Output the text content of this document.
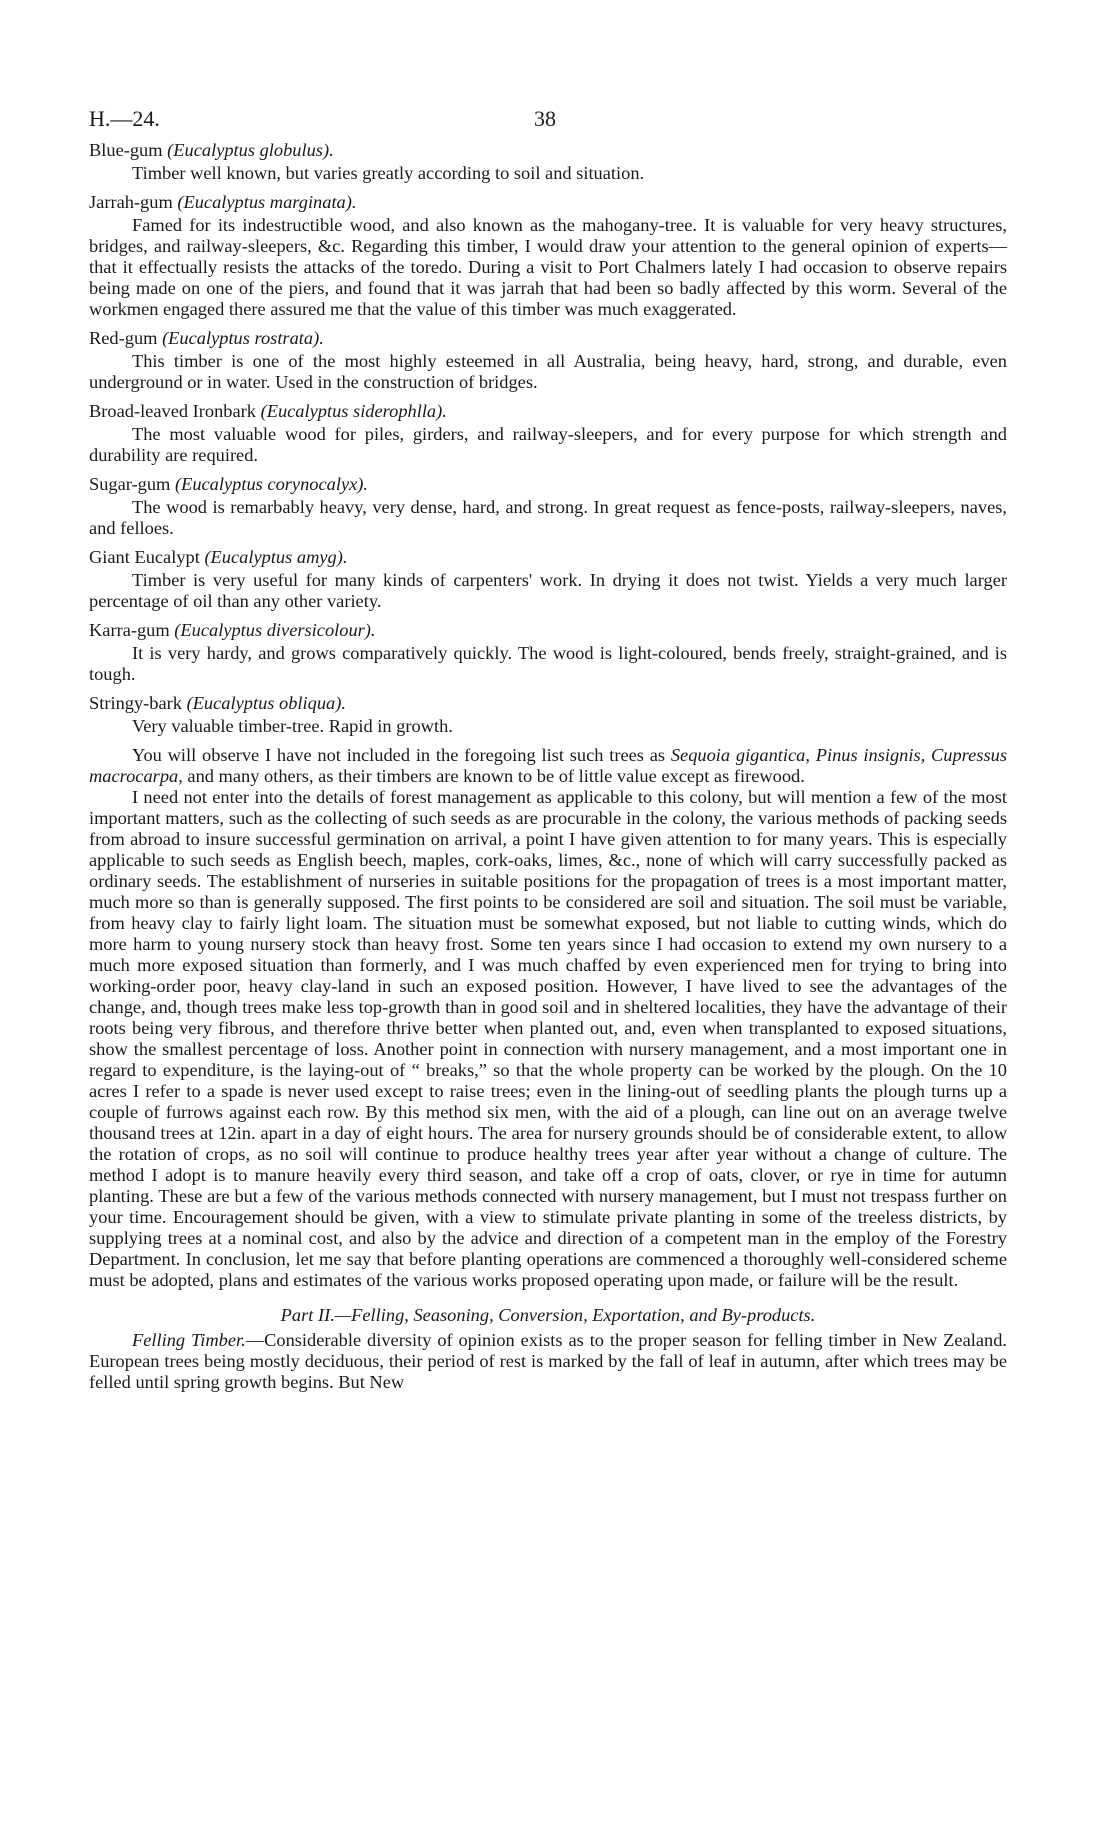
H.—24.	38
Blue-gum (Eucalyptus globulus).
Timber well known, but varies greatly according to soil and situation.
Jarrah-gum (Eucalyptus marginata).
Famed for its indestructible wood, and also known as the mahogany-tree. It is valuable for very heavy structures, bridges, and railway-sleepers, &c. Regarding this timber, I would draw your attention to the general opinion of experts—that it effectually resists the attacks of the toredo. During a visit to Port Chalmers lately I had occasion to observe repairs being made on one of the piers, and found that it was jarrah that had been so badly affected by this worm. Several of the workmen engaged there assured me that the value of this timber was much exaggerated.
Red-gum (Eucalyptus rostrata).
This timber is one of the most highly esteemed in all Australia, being heavy, hard, strong, and durable, even underground or in water. Used in the construction of bridges.
Broad-leaved Ironbark (Eucalyptus siderophlla).
The most valuable wood for piles, girders, and railway-sleepers, and for every purpose for which strength and durability are required.
Sugar-gum (Eucalyptus corynocalyx).
The wood is remarbably heavy, very dense, hard, and strong. In great request as fence-posts, railway-sleepers, naves, and felloes.
Giant Eucalypt (Eucalyptus amyg).
Timber is very useful for many kinds of carpenters' work. In drying it does not twist. Yields a very much larger percentage of oil than any other variety.
Karra-gum (Eucalyptus diversicolour).
It is very hardy, and grows comparatively quickly. The wood is light-coloured, bends freely, straight-grained, and is tough.
Stringy-bark (Eucalyptus obliqua).
Very valuable timber-tree. Rapid in growth.

You will observe I have not included in the foregoing list such trees as Sequoia gigantica, Pinus insignis, Cupressus macrocarpa, and many others, as their timbers are known to be of little value except as firewood.

I need not enter into the details of forest management as applicable to this colony, but will mention a few of the most important matters, such as the collecting of such seeds as are procurable in the colony, the various methods of packing seeds from abroad to insure successful germination on arrival, a point I have given attention to for many years. This is especially applicable to such seeds as English beech, maples, cork-oaks, limes, &c., none of which will carry successfully packed as ordinary seeds. The establishment of nurseries in suitable positions for the propagation of trees is a most important matter, much more so than is generally supposed. The first points to be considered are soil and situation. The soil must be variable, from heavy clay to fairly light loam. The situation must be somewhat exposed, but not liable to cutting winds, which do more harm to young nursery stock than heavy frost. Some ten years since I had occasion to extend my own nursery to a much more exposed situation than formerly, and I was much chaffed by even experienced men for trying to bring into working-order poor, heavy clay-land in such an exposed position. However, I have lived to see the advantages of the change, and, though trees make less top-growth than in good soil and in sheltered localities, they have the advantage of their roots being very fibrous, and therefore thrive better when planted out, and, even when transplanted to exposed situations, show the smallest percentage of loss. Another point in connection with nursery management, and a most important one in regard to expenditure, is the laying-out of “ breaks,” so that the whole property can be worked by the plough. On the 10 acres I refer to a spade is never used except to raise trees; even in the lining-out of seedling plants the plough turns up a couple of furrows against each row. By this method six men, with the aid of a plough, can line out on an average twelve thousand trees at 12in. apart in a day of eight hours. The area for nursery grounds should be of considerable extent, to allow the rotation of crops, as no soil will continue to produce healthy trees year after year without a change of culture. The method I adopt is to manure heavily every third season, and take off a crop of oats, clover, or rye in time for autumn planting. These are but a few of the various methods connected with nursery management, but I must not trespass further on your time. Encouragement should be given, with a view to stimulate private planting in some of the treeless districts, by supplying trees at a nominal cost, and also by the advice and direction of a competent man in the employ of the Forestry Department. In conclusion, let me say that before planting operations are commenced a thoroughly well-considered scheme must be adopted, plans and estimates of the various works proposed operating upon made, or failure will be the result.

Part II.—Felling, Seasoning, Conversion, Exportation, and By-products.

Felling Timber.—Considerable diversity of opinion exists as to the proper season for felling timber in New Zealand. European trees being mostly deciduous, their period of rest is marked by the fall of leaf in autumn, after which trees may be felled until spring growth begins. But New
